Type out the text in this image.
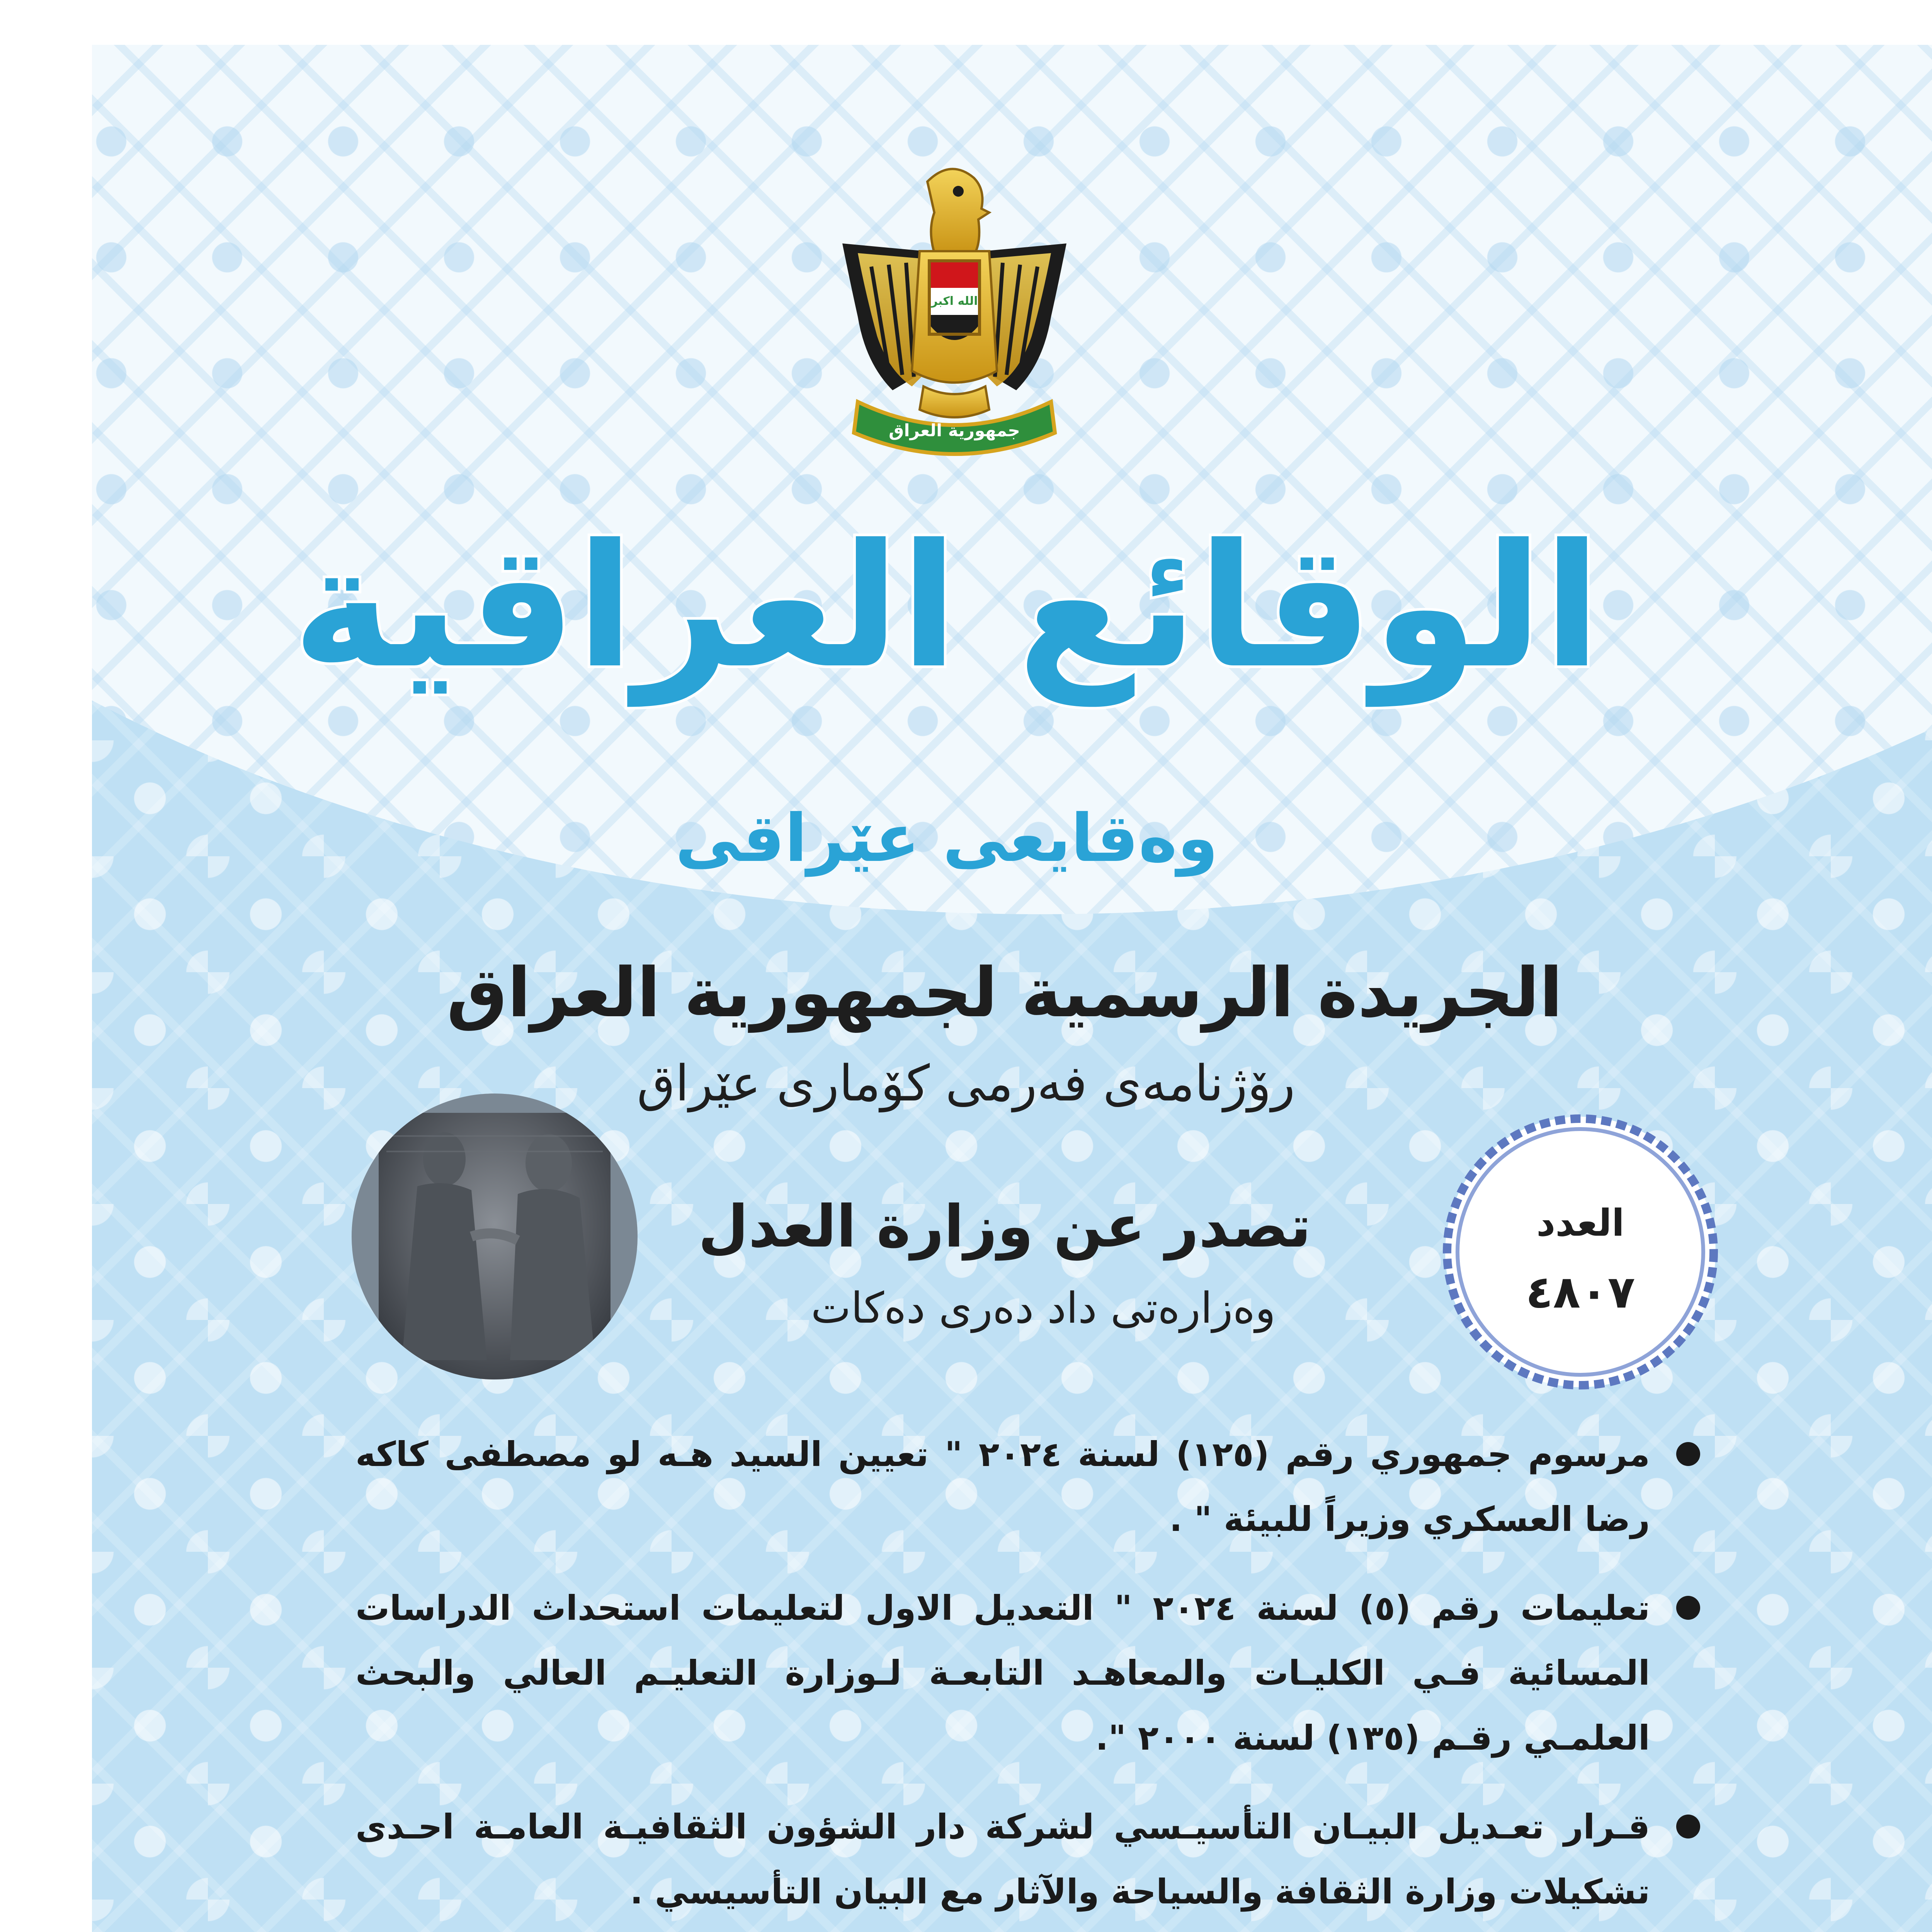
الله اكبر
جمهورية العراق
الوقائع العراقية
وەقایعی عێراقی
الجريدة الرسمية لجمهورية العراق
رۆژنامەی فەرمی كۆماری عێراق
تصدر عن وزارة العدل
وەزارەتی داد دەری دەكات
العدد
٤٨٠٧
مرسوم جمهوري رقم (١٢٥) لسنة ٢٠٢٤ " تعيين السيد هـه لو مصطفى كاكه رضا العسكري وزيراً للبيئة " .
تعليمات رقم (٥) لسنة ٢٠٢٤ " التعديل الاول لتعليمات استحداث الدراسات المسائية فـي الكليـات والمعاهـد التابعـة لـوزارة التعليـم العالي والبحث العلمـي رقـم (١٣٥) لسنة ٢٠٠٠ ".
قـرار تعـديل البيـان التأسيـسي لشركة دار الشؤون الثقافيـة العامـة احـدى تشكيلات وزارة الثقافة والسياحة والآثار مع البيان التأسيسي .
